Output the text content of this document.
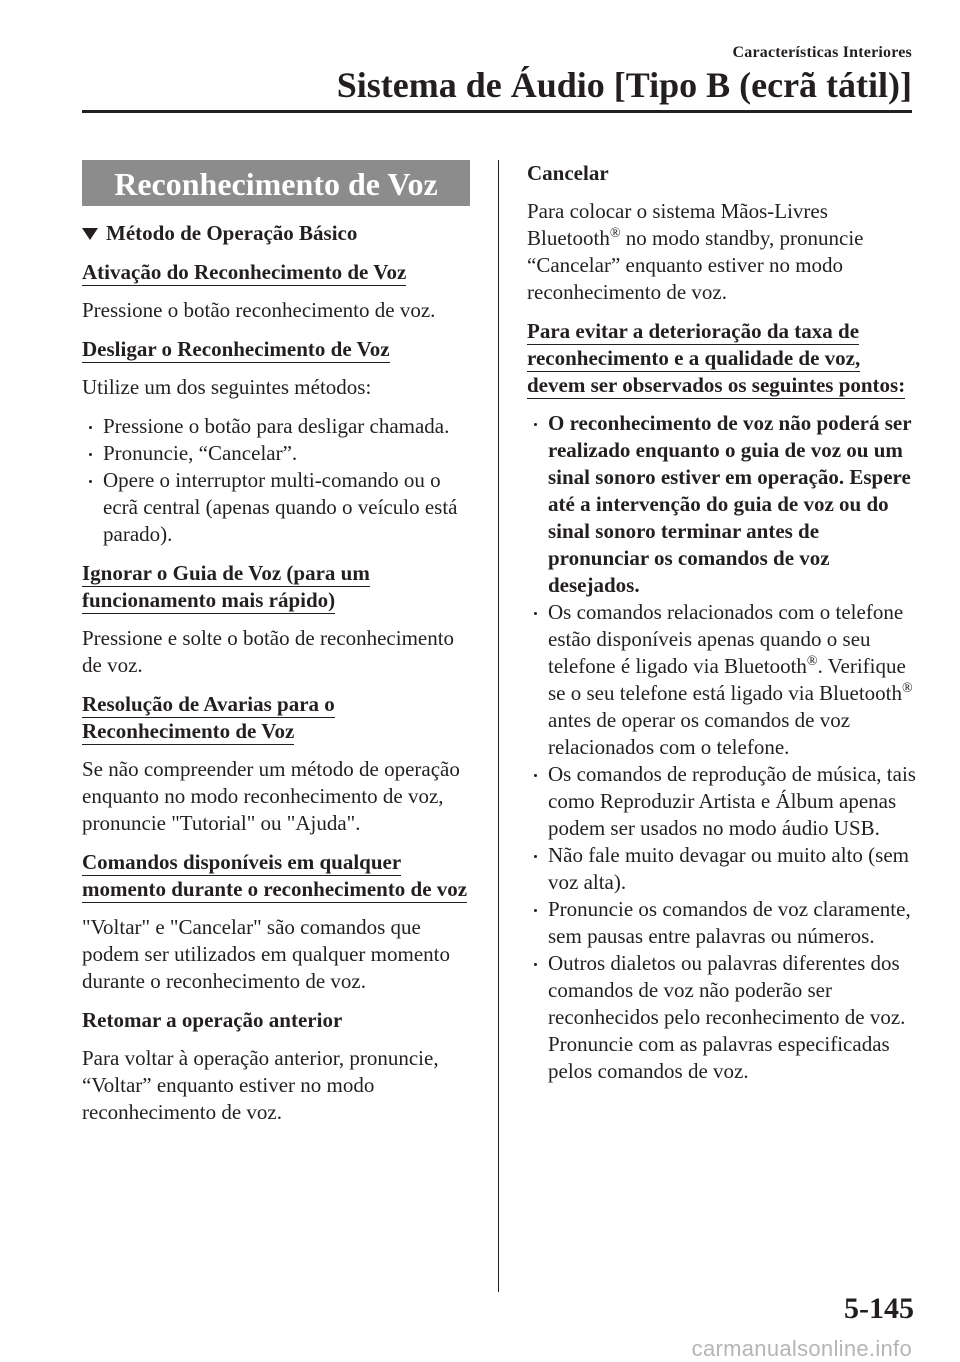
Características Interiores
Sistema de Áudio [Tipo B (ecrã tátil)]
Reconhecimento de Voz
Método de Operação Básico
Ativação do Reconhecimento de Voz

Pressione o botão reconhecimento de voz.

Desligar o Reconhecimento de Voz

Utilize um dos seguintes métodos:

Pressione o botão para desligar chamada.
Pronuncie, “Cancelar”.
Opere o interruptor multi-comando ou o ecrã central (apenas quando o veículo está parado).
Ignorar o Guia de Voz (para um funcionamento mais rápido)

Pressione e solte o botão de reconhecimento de voz.

Resolução de Avarias para o Reconhecimento de Voz

Se não compreender um método de operação enquanto no modo reconhecimento de voz, pronuncie "Tutorial" ou "Ajuda".

Comandos disponíveis em qualquer momento durante o reconhecimento de voz

"Voltar" e "Cancelar" são comandos que podem ser utilizados em qualquer momento durante o reconhecimento de voz.

Retomar a operação anterior

Para voltar à operação anterior, pronuncie, “Voltar” enquanto estiver no modo reconhecimento de voz.

Cancelar

Para colocar o sistema Mãos-Livres Bluetooth® no modo standby, pronuncie “Cancelar” enquanto estiver no modo reconhecimento de voz.

Para evitar a deterioração da taxa de reconhecimento e a qualidade de voz, devem ser observados os seguintes pontos:
O reconhecimento de voz não poderá ser realizado enquanto o guia de voz ou um sinal sonoro estiver em operação. Espere até a intervenção do guia de voz ou do sinal sonoro terminar antes de pronunciar os comandos de voz desejados.
Os comandos relacionados com o telefone estão disponíveis apenas quando o seu telefone é ligado via Bluetooth®. Verifique se o seu telefone está ligado via Bluetooth® antes de operar os comandos de voz relacionados com o telefone.
Os comandos de reprodução de música, tais como Reproduzir Artista e Álbum apenas podem ser usados no modo áudio USB.
Não fale muito devagar ou muito alto (sem voz alta).
Pronuncie os comandos de voz claramente, sem pausas entre palavras ou números.
Outros dialetos ou palavras diferentes dos comandos de voz não poderão ser reconhecidos pelo reconhecimento de voz. Pronuncie com as palavras especificadas pelos comandos de voz.
5-145
carmanualsonline.info
